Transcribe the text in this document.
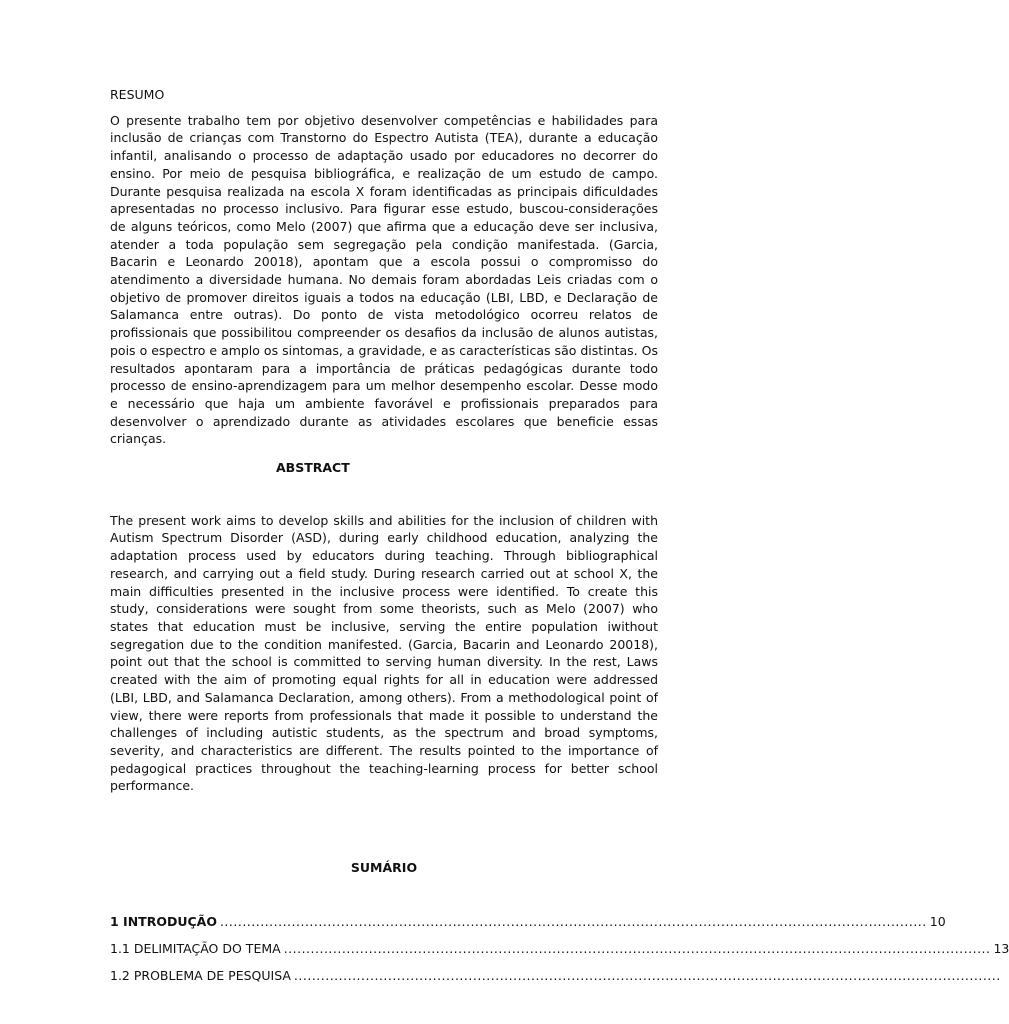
RESUMO

O presente trabalho tem por objetivo desenvolver competências e habilidades para inclusão de crianças com Transtorno do Espectro Autista (TEA), durante a educação infantil, analisando o processo de adaptação usado por educadores no decorrer do ensino. Por meio de pesquisa bibliográfica, e realização de um estudo de campo. Durante pesquisa realizada na escola X foram identificadas as principais dificuldades apresentadas no processo inclusivo. Para figurar esse estudo, buscou-considerações de alguns teóricos, como Melo (2007) que afirma que a educação deve ser inclusiva, atender a toda população sem segregação pela condição manifestada. (Garcia, Bacarin e Leonardo 20018), apontam que a escola possui o compromisso do atendimento a diversidade humana. No demais foram abordadas Leis criadas com o objetivo de promover direitos iguais a todos na educação (LBI, LBD, e Declaração de Salamanca entre outras). Do ponto de vista metodológico ocorreu relatos de profissionais que possibilitou compreender os desafios da inclusão de alunos autistas, pois o espectro e amplo os sintomas, a gravidade, e as características são distintas. Os resultados apontaram para a importância de práticas pedagógicas durante todo processo de ensino-aprendizagem para um melhor desempenho escolar. Desse modo e necessário que haja um ambiente favorável e profissionais preparados para desenvolver o aprendizado durante as atividades escolares que beneficie essas crianças.

ABSTRACT

The present work aims to develop skills and abilities for the inclusion of children with Autism Spectrum Disorder (ASD), during early childhood education, analyzing the adaptation process used by educators during teaching. Through bibliographical research, and carrying out a field study. During research carried out at school X, the main difficulties presented in the inclusive process were identified. To create this study, considerations were sought from some theorists, such as Melo (2007) who states that education must be inclusive, serving the entire population iwithout segregation due to the condition manifested. (Garcia, Bacarin and Leonardo 20018), point out that the school is committed to serving human diversity. In the rest, Laws created with the aim of promoting equal rights for all in education were addressed (LBI, LBD, and Salamanca Declaration, among others). From a methodological point of view, there were reports from professionals that made it possible to understand the challenges of including autistic students, as the spectrum and broad symptoms, severity, and characteristics are different. The results pointed to the importance of pedagogical practices throughout the teaching-learning process for better school performance.

SUMÁRIO
1 INTRODUÇÃO .............................................................................................................................................................. 10
1.1 DELIMITAÇÃO DO TEMA .............................................................................................................................................................. 13
1.2 PROBLEMA DE PESQUISA ..............................................................................................................................................................
